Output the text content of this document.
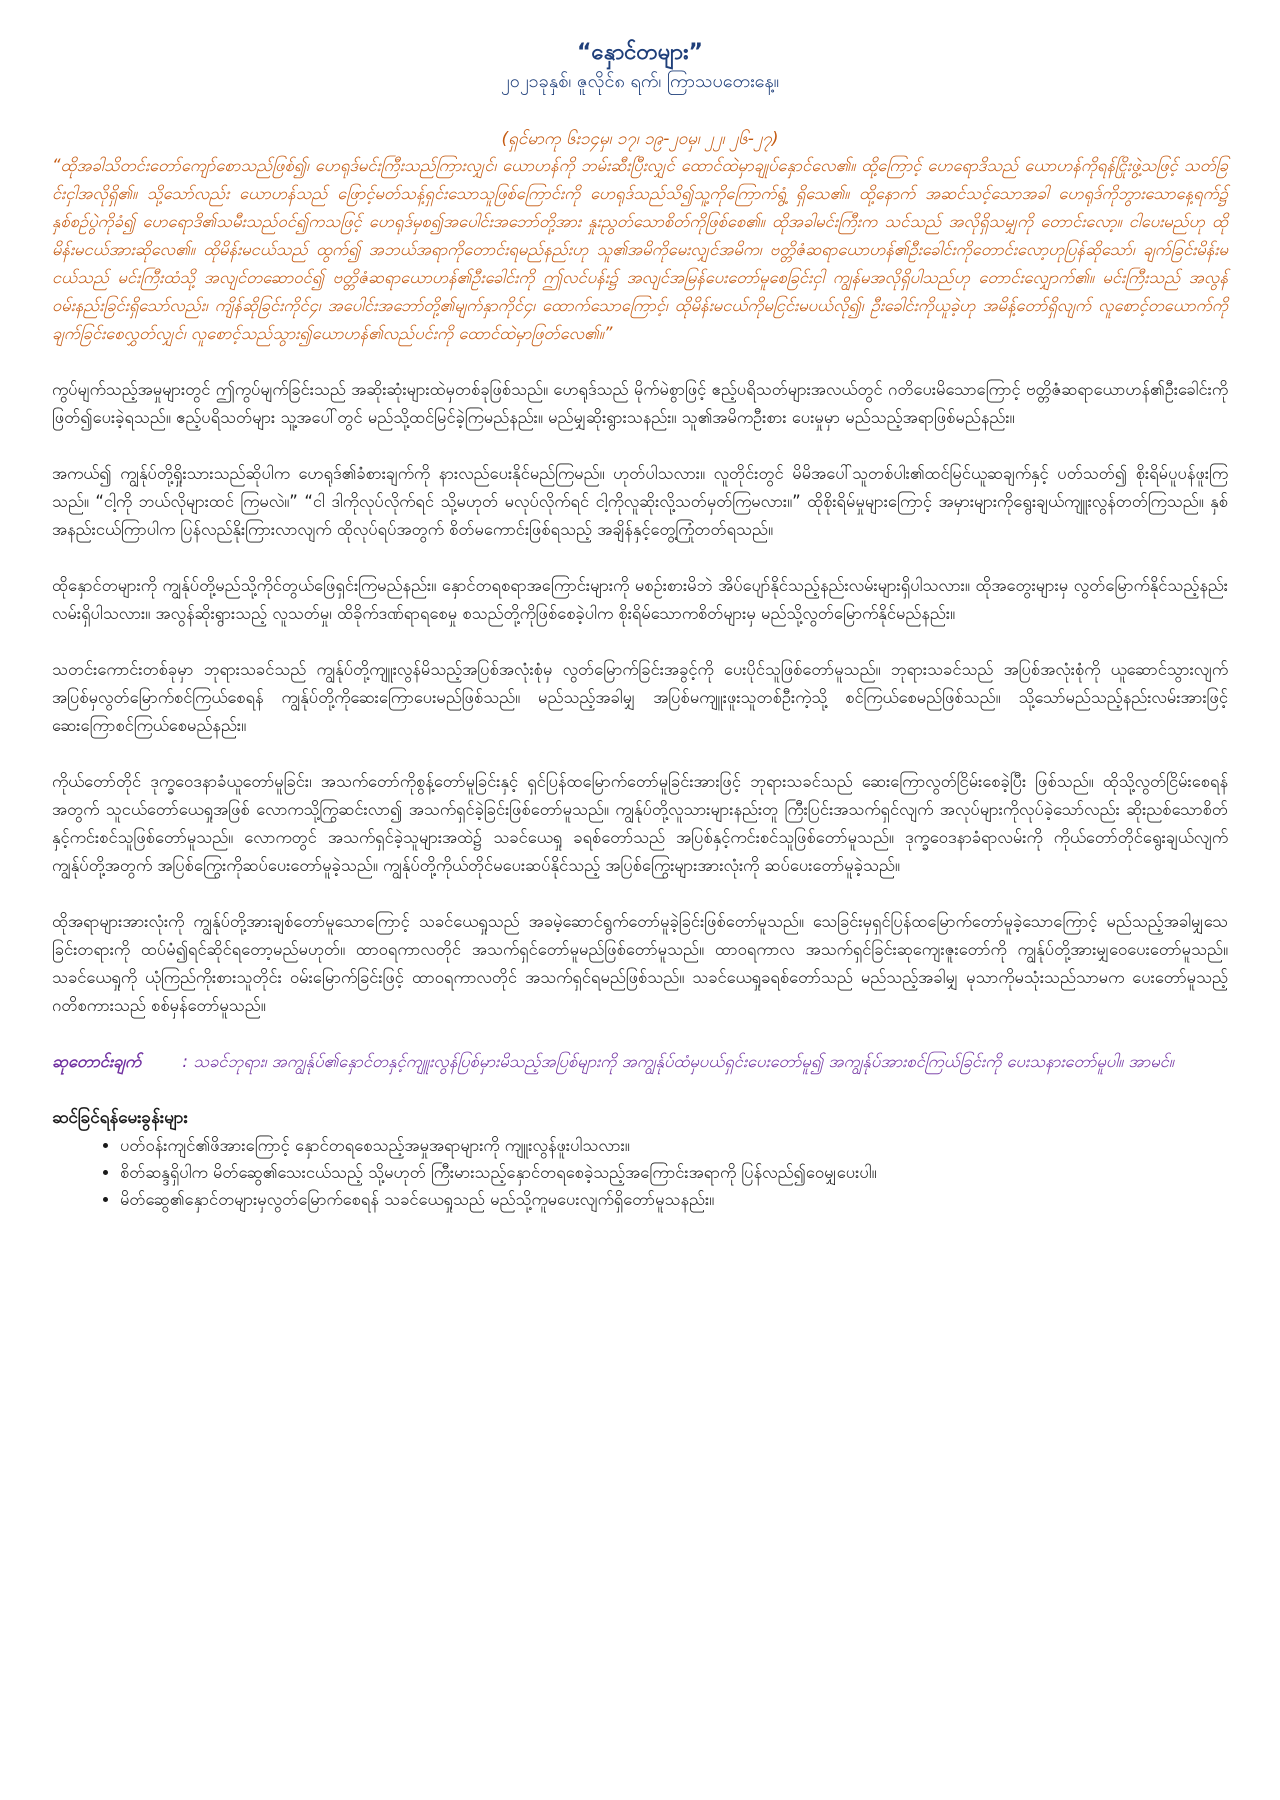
“နှောင်တများ”

၂၀၂၁ခုနှစ်၊ ဇူလိုင်၈ ရက်၊ ကြာသပတေးနေ့။

(ရှင်မာကု ၆း၁၄မှ၊ ၁၇၊ ၁၉-၂၀မှ၊ ၂၂၊ ၂၆-၂၇)

“ထိုအခါသိတင်းတော်ကျော်စောသည်ဖြစ်၍၊ ဟေရုဒ်မင်းကြီးသည်ကြားလျှင်၊ ယောဟန်ကို ဘမ်းဆီးပြီးလျှင် ထောင်ထဲမှာချုပ်နှောင်လေ၏။ ထို့ကြောင့် ဟေရောဒိသည် ယောဟန်ကိုရန်ငြိုးဖွဲ့သဖြင့် သတ်ခြင်းငှါအလိုရှိ၏။ သို့သော်လည်း ယောဟန်သည် ဖြောင့်မတ်သန့်ရှင်းသောသူဖြစ်ကြောင်းကို ဟေရုဒ်သည်သိ၍သူ့ကိုကြောက်ရွံ့ ရှိသေ၏။ ထို့နောက် အဆင်သင့်သောအခါ ဟေရုဒ်ကိုဘွားသောနေ့ရက်၌ နှစ်စဉ်ပွဲကိုခံ၍ ဟေရောဒိ၏သမီးသည်ဝင်၍ကသဖြင့် ဟေရုဒ်မှစ၍အပေါင်းအဘော်တို့အား နှုးညွတ်သောစိတ်ကိုဖြစ်စေ၏။ ထိုအခါမင်းကြီးက သင်သည် အလိုရှိသမျှကို တောင်းလော့။ ငါပေးမည်ဟု ထိုမိန်းမငယ်အားဆိုလေ၏။ ထိုမိန်းမငယ်သည် ထွက်၍ အဘယ်အရာကိုတောင်းရမည်နည်းဟု သူ၏အမိကိုမေးလျှင်အမိက၊ ဗတ္တိဇံဆရာယောဟန်၏ဦးခေါင်းကိုတောင်းလော့ဟုပြန်ဆိုသော်၊ ချက်ခြင်းမိန်းမငယ်သည် မင်းကြီးထံသို့ အလျင်တဆောဝင်၍ ဗတ္တိဇံဆရာယောဟန်၏ဦးခေါင်းကို ဤလင်ပန်း၌ အလျင်အမြန်ပေးတော်မူစေခြင်းငှါ ကျွန်မအလိုရှိပါသည်ဟု တောင်းလျှောက်၏။ မင်းကြီးသည် အလွန်ဝမ်းနည်းခြင်းရှိသော်လည်း၊ ကျိန်ဆိုခြင်းကိုင်၄၊ အပေါင်းအဘော်တို့၏မျက်နှာကိုင်၄၊ ထောက်သောကြောင့်၊ ထိုမိန်းမငယ်ကိုမငြင်းမပယ်လို၍၊ ဦးခေါင်းကိုယူခဲ့ဟု အမိန့်တော်ရှိလျက် လူစောင့်တယောက်ကို ချက်ခြင်းစေလွှတ်လျှင်၊ လူစောင့်သည်သွား၍ယောဟန်၏လည်ပင်းကို ထောင်ထဲမှာဖြတ်လေ၏။”

ကွပ်မျက်သည့်အမှုများတွင် ဤကွပ်မျက်ခြင်းသည် အဆိုးဆုံးများထဲမှတစ်ခုဖြစ်သည်။ ဟေရုဒ်သည် မိုက်မဲစွာဖြင့် ဧည့်ပရိသတ်များအလယ်တွင် ဂတိပေးမိသောကြောင့် ဗတ္တိဇံဆရာယောဟန်၏ဦးခေါင်းကို ဖြတ်၍ပေးခဲ့ရသည်။ ဧည့်ပရိသတ်များ သူ့အပေါ်တွင် မည်သို့ထင်မြင်ခဲ့ကြမည်နည်း။ မည်မျှဆိုးရွားသနည်း။ သူ၏အမိကဦးစား ပေးမှုမှာ မည်သည့်အရာဖြစ်မည်နည်း။

အကယ်၍ ကျွန်ုပ်တို့ရှိုးသားသည်ဆိုပါက ဟေရုဒ်၏ခံစားချက်ကို နားလည်ပေးနိုင်မည်ကြမည်။ ဟုတ်ပါသလား။ လူတိုင်းတွင် မိမိအပေါ်သူတစ်ပါး၏ထင်မြင်ယူဆချက်နှင့် ပတ်သတ်၍ စိုးရိမ်ပူပန်ဖူးကြသည်။ “ငါ့ကို ဘယ်လိုများထင် ကြမလဲ။” “ငါ ဒါကိုလုပ်လိုက်ရင် သို့မဟုတ် မလုပ်လိုက်ရင် ငါ့ကိုလူဆိုးလို့သတ်မှတ်ကြမလား။” ထိုစိုးရိမ်မှုများကြောင့် အမှားများကိုရွေးချယ်ကျူးလွန်တတ်ကြသည်။ နှစ်အနည်းငယ်ကြာပါက ပြန်လည်နိုးကြားလာလျက် ထိုလုပ်ရပ်အတွက် စိတ်မကောင်းဖြစ်ရသည့် အချိန်နှင့်တွေ့ကြုံတတ်ရသည်။

ထိုနှောင်တများကို ကျွန်ုပ်တို့မည်သို့ကိုင်တွယ်ဖြေရှင်းကြမည်နည်း။ နှောင်တရစရာအကြောင်းများကို မစဉ်းစားမိဘဲ အိပ်ပျော်နိုင်သည့်နည်းလမ်းများရှိပါသလား။ ထိုအတွေးများမှ လွတ်မြောက်နိုင်သည့်နည်းလမ်းရှိပါသလား။ အလွန်ဆိုးရွားသည့် လူသတ်မှု၊ ထိခိုက်ဒဏ်ရာရစေမှု စသည်တို့ကိုဖြစ်စေခဲ့ပါက စိုးရိမ်သောကစိတ်များမှ မည်သို့လွတ်မြောက်နိုင်မည်နည်း။

သတင်းကောင်းတစ်ခုမှာ ဘုရားသခင်သည် ကျွန်ုပ်တို့ကျူးလွန်မိသည့်အပြစ်အလုံးစုံမှ လွတ်မြောက်ခြင်းအခွင့်ကို ပေးပိုင်သူဖြစ်တော်မူသည်။ ဘုရားသခင်သည် အပြစ်အလုံးစုံကို ယူဆောင်သွားလျက် အပြစ်မှလွတ်မြောက်စင်ကြယ်စေရန် ကျွန်ုပ်တို့ကိုဆေးကြောပေးမည်ဖြစ်သည်။ မည်သည့်အခါမျှ အပြစ်မကျူးဖူးသူတစ်ဦးကဲ့သို့ စင်ကြယ်စေမည်ဖြစ်သည်။ သို့သော်မည်သည့်နည်းလမ်းအားဖြင့် ဆေးကြောစင်ကြယ်စေမည်နည်း။

ကိုယ်တော်တိုင် ဒုက္ခဝေဒနာခံယူတော်မူခြင်း၊ အသက်တော်ကိုစွန့်တော်မူခြင်းနှင့် ရှင်ပြန်ထမြောက်တော်မူခြင်းအားဖြင့် ဘုရားသခင်သည် ဆေးကြောလွတ်ငြိမ်းစေခဲ့ပြီး ဖြစ်သည်။ ထိုသို့လွတ်ငြိမ်းစေရန်အတွက် သူငယ်တော်ယေရှုအဖြစ် လောကသို့ကြွဆင်းလာ၍ အသက်ရှင်ခဲ့ခြင်းဖြစ်တော်မူသည်။ ကျွန်ုပ်တို့လူသားများနည်းတူ ကြီးပြင်းအသက်ရှင်လျက် အလုပ်များကိုလုပ်ခဲ့သော်လည်း ဆိုးညစ်သောစိတ်နှင့်ကင်းစင်သူဖြစ်တော်မူသည်။ လောကတွင် အသက်ရှင်ခဲ့သူများအထဲ၌ သခင်ယေရှု ခရစ်တော်သည် အပြစ်နှင့်ကင်းစင်သူဖြစ်တော်မူသည်။ ဒုက္ခဝေဒနာခံရာလမ်းကို ကိုယ်တော်တိုင်ရွေးချယ်လျက် ကျွန်ုပ်တို့အတွက် အပြစ်ကြွေးကိုဆပ်ပေးတော်မူခဲ့သည်။ ကျွန်ုပ်တို့ကိုယ်တိုင်မပေးဆပ်နိုင်သည့် အပြစ်ကြွေးများအားလုံးကို ဆပ်ပေးတော်မူခဲ့သည်။

ထိုအရာများအားလုံးကို ကျွန်ုပ်တို့အားချစ်တော်မူသောကြောင့် သခင်ယေရှုသည် အခမဲ့ဆောင်ရွက်တော်မူခဲ့ခြင်းဖြစ်တော်မူသည်။ သေခြင်းမှရှင်ပြန်ထမြောက်တော်မူခဲ့သောကြောင့် မည်သည့်အခါမျှသေခြင်းတရားကို ထပ်မံ၍ရင်ဆိုင်ရတော့မည်မဟုတ်။ ထာဝရကာလတိုင် အသက်ရှင်တော်မူမည်ဖြစ်တော်မူသည်။ ထာဝရကာလ အသက်ရှင်ခြင်းဆုကျေးဇူးတော်ကို ကျွန်ုပ်တို့အားမျှဝေပေးတော်မူသည်။ သခင်ယေရှုကို ယုံကြည်ကိုးစားသူတိုင်း ဝမ်းမြောက်ခြင်းဖြင့် ထာဝရကာလတိုင် အသက်ရှင်ရမည်ဖြစ်သည်။ သခင်ယေရှုခရစ်တော်သည် မည်သည့်အခါမျှ မုသာကိုမသုံးသည်သာမက ပေးတော်မူသည့်ဂတိစကားသည် စစ်မှန်တော်မူသည်။

ဆုတောင်းချက်	: သခင်ဘုရား၊ အကျွန်ုပ်၏နှောင်တနှင့်ကျူးလွန်ပြစ်မှားမိသည့်အပြစ်များကို အကျွန်ုပ်ထံမှပယ်ရှင်းပေးတော်မူ၍ အကျွန်ုပ်အားစင်ကြယ်ခြင်းကို ပေးသနားတော်မူပါ။ အာမင်။

ဆင်ခြင်ရန်မေးခွန်းများ

• ပတ်ဝန်းကျင်၏ဖိအားကြောင့် နှောင်တရစေသည့်အမှုအရာများကို ကျူးလွန်ဖူးပါသလား။
• စိတ်ဆန္ဒရှိပါက မိတ်ဆွေ၏သေးငယ်သည့် သို့မဟုတ် ကြီးမားသည့်နှောင်တရစေခဲ့သည့်အကြောင်းအရာကို ပြန်လည်၍ဝေမျှပေးပါ။
• မိတ်ဆွေ၏နှောင်တများမှလွတ်မြောက်စေရန် သခင်ယေရှုသည် မည်သို့ကူမပေးလျက်ရှိတော်မူသနည်း။
